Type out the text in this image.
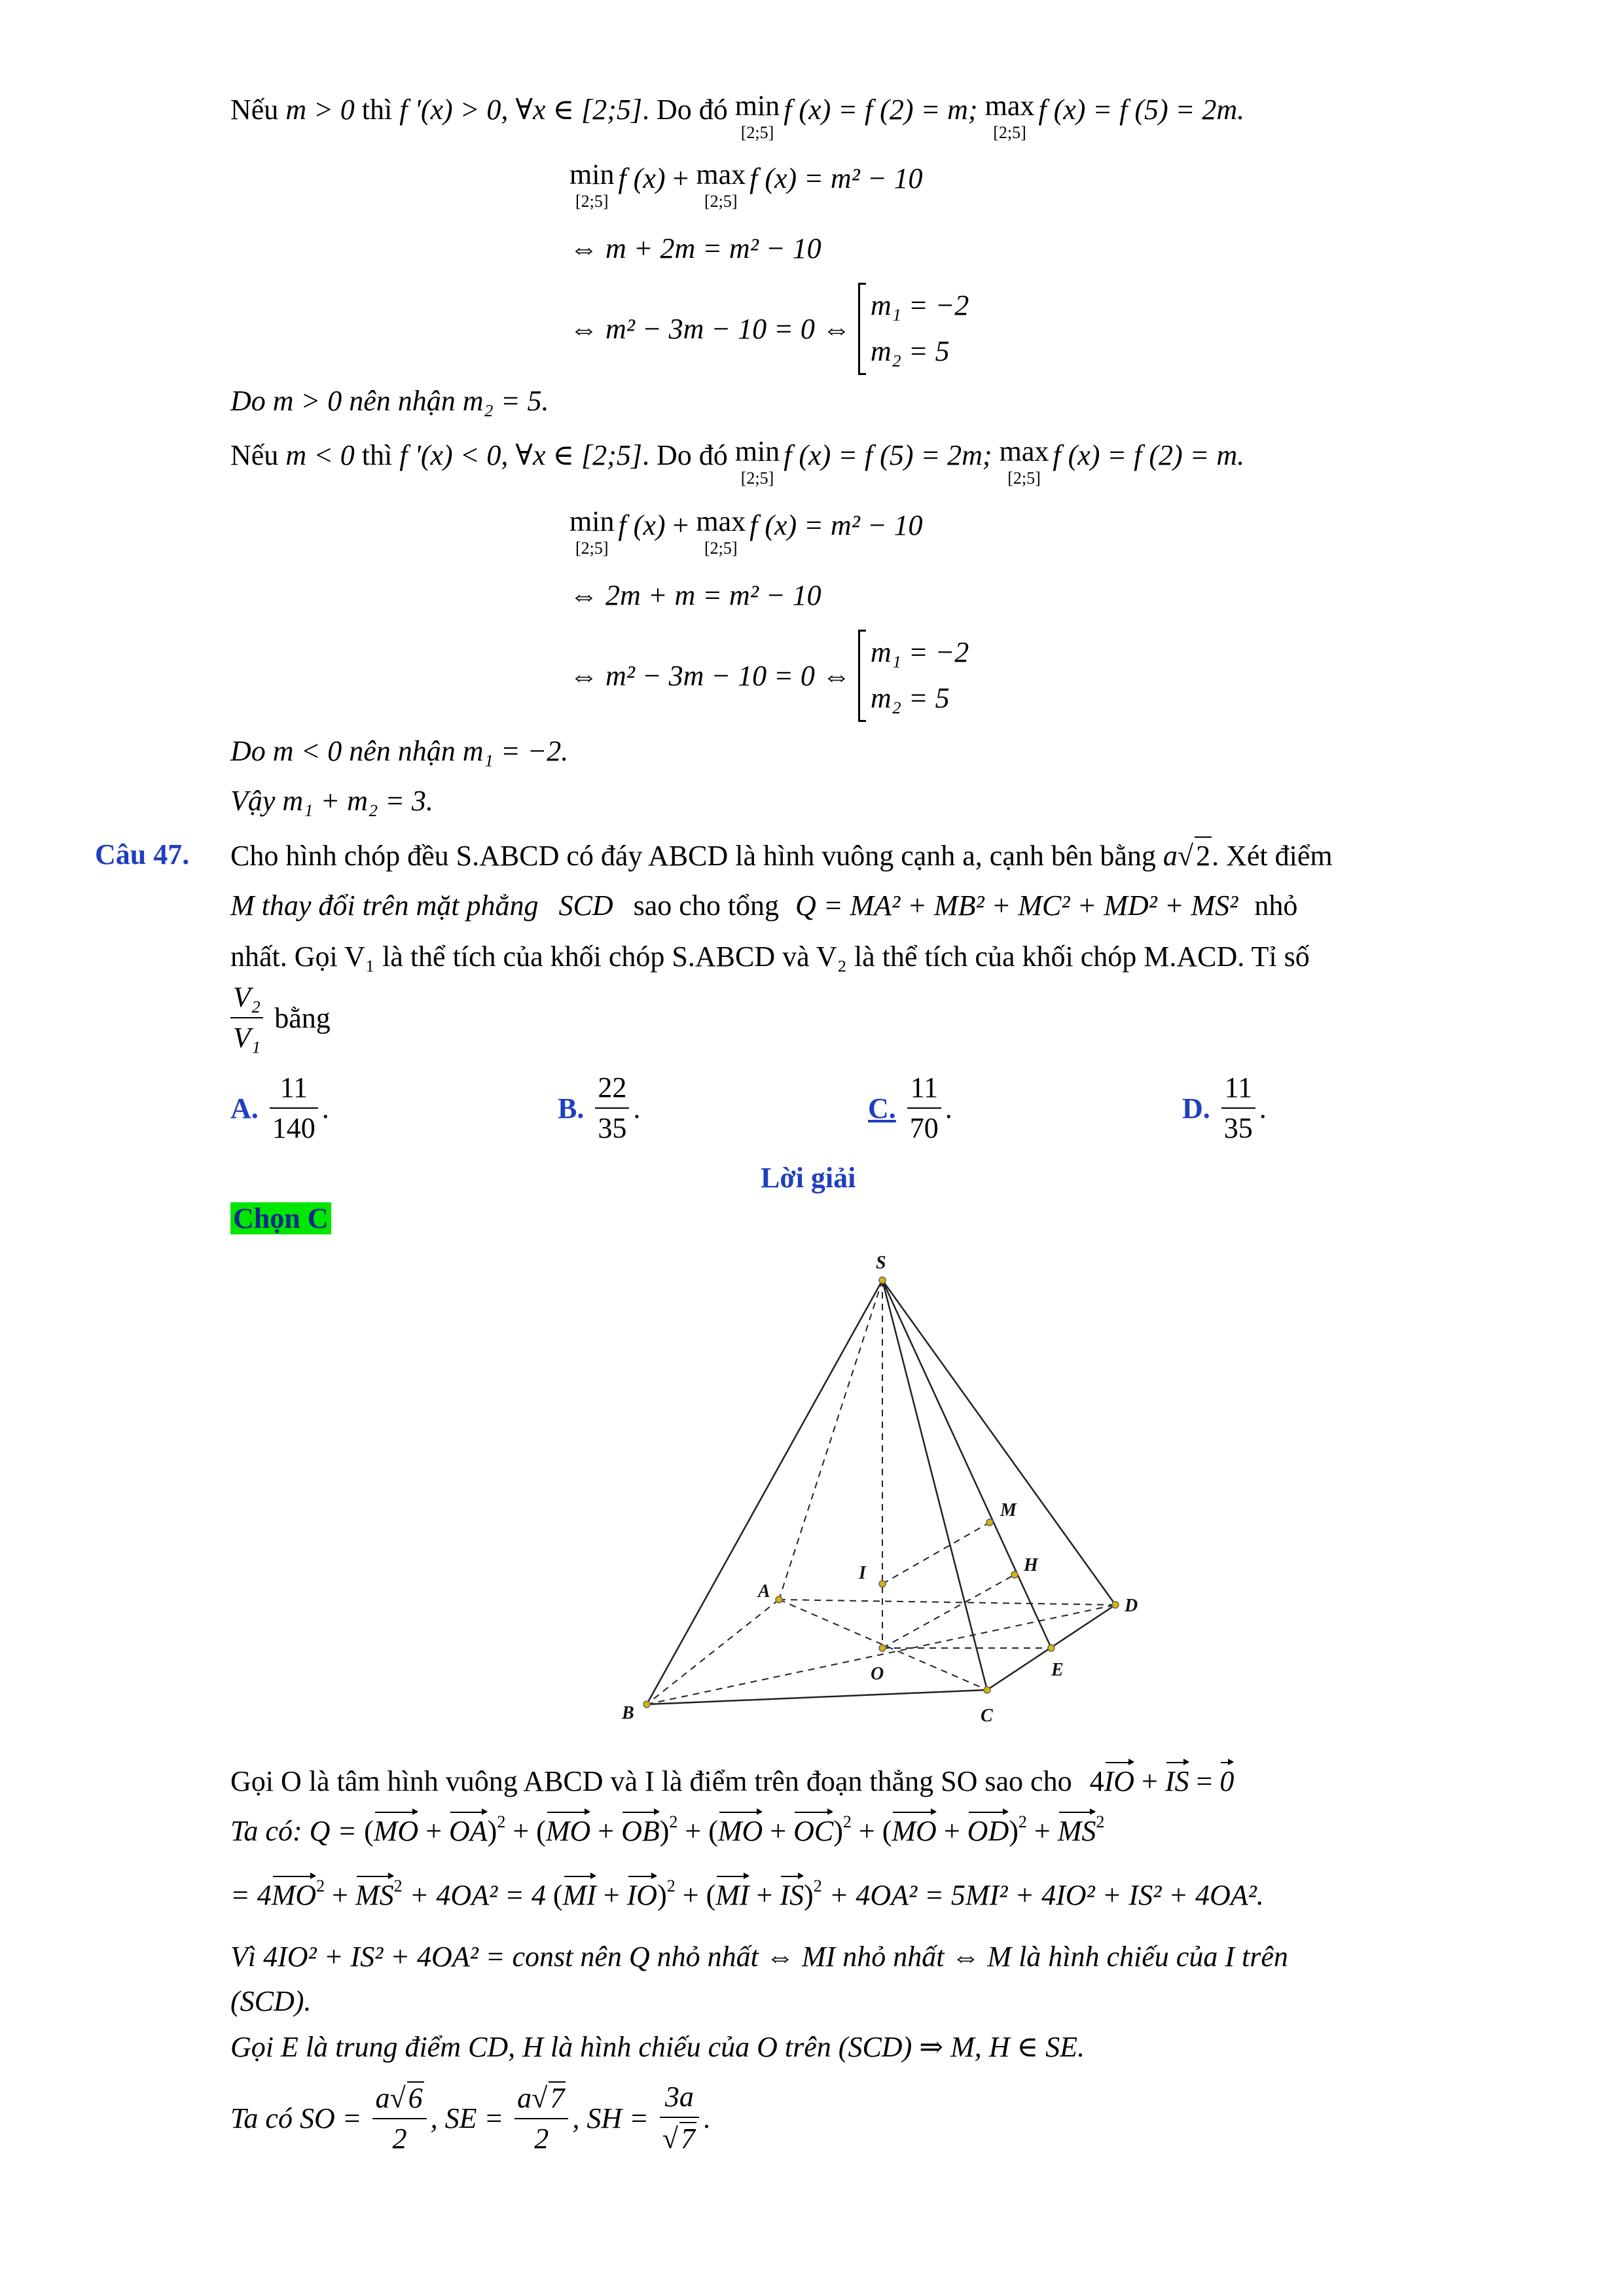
Nếu m > 0 thì f '(x) > 0, ∀x ∈ [2;5]. Do đó min
[2;5]
f (x) = f (2) = m; max
[2;5]
f (x) = f (5) = 2m.
min
[2;5]
f (x) + max
[2;5]
f (x) = m² − 10
⇔ m + 2m = m² − 10
⇔ m² − 3m − 10 = 0 ⇔
m₁ = −2
m₂ = 5
Do m > 0 nên nhận m₂ = 5.
Nếu m < 0 thì f '(x) < 0, ∀x ∈ [2;5]. Do đó min
[2;5]
f (x) = f (5) = 2m; max
[2;5]
f (x) = f (2) = m.
min
[2;5]
f (x) + max
[2;5]
f (x) = m² − 10
⇔ 2m + m = m² − 10
⇔ m² − 3m − 10 = 0 ⇔
m₁ = −2
m₂ = 5
Do m < 0 nên nhận m₁ = −2.
Vậy m₁ + m₂ = 3.
Câu 47. Cho hình chóp đều S.ABCD có đáy ABCD là hình vuông cạnh a, cạnh bên bằng a√2. Xét điểm
M thay đổi trên mặt phẳng SCD sao cho tổng Q = MA² + MB² + MC² + MD² + MS² nhỏ
nhất. Gọi V₁ là thể tích của khối chóp S.ABCD và V₂ là thể tích của khối chóp M.ACD. Tỉ số
$\frac{\text{V₂}}{\text{V₁}}$ bằng
A. $\frac{11}{140}$ .	B. $\frac{22}{35}$ .	C. $\frac{11}{70}$ .	D. $\frac{11}{35}$ .
Lời giải
Chọn C
S
A
B	C
D
O
I
M
H
E
Gọi O là tâm hình vuông ABCD và I là điểm trên đoạn thẳng SO sao cho 4IO + IS = 0
Ta có: $Q = (MO + OA)^2 + (MO + OB)^2 + (MO + OC)^2 + (MO + OD)^2 + MS^2$
= $4MO^2 + MS^2 + 4OA^2 = 4$ (MI + IO)$^2$ + (MI + IS)$^2$ + 4OA² = 5MI² + 4IO² + IS² + 4OA².
Vì 4IO² + IS² + 4OA² = const nên Q nhỏ nhất ⇔ MI nhỏ nhất ⇔ M là hình chiếu của I trên
(SCD).
Gọi E là trung điểm CD, H là hình chiếu của O trên (SCD) ⇒ M, H ∈ SE.
Ta có SO = $\frac{a√6}{2}$ , SE = $\frac{a√7}{2}$ , SH = $\frac{3a}{√7}$ .
